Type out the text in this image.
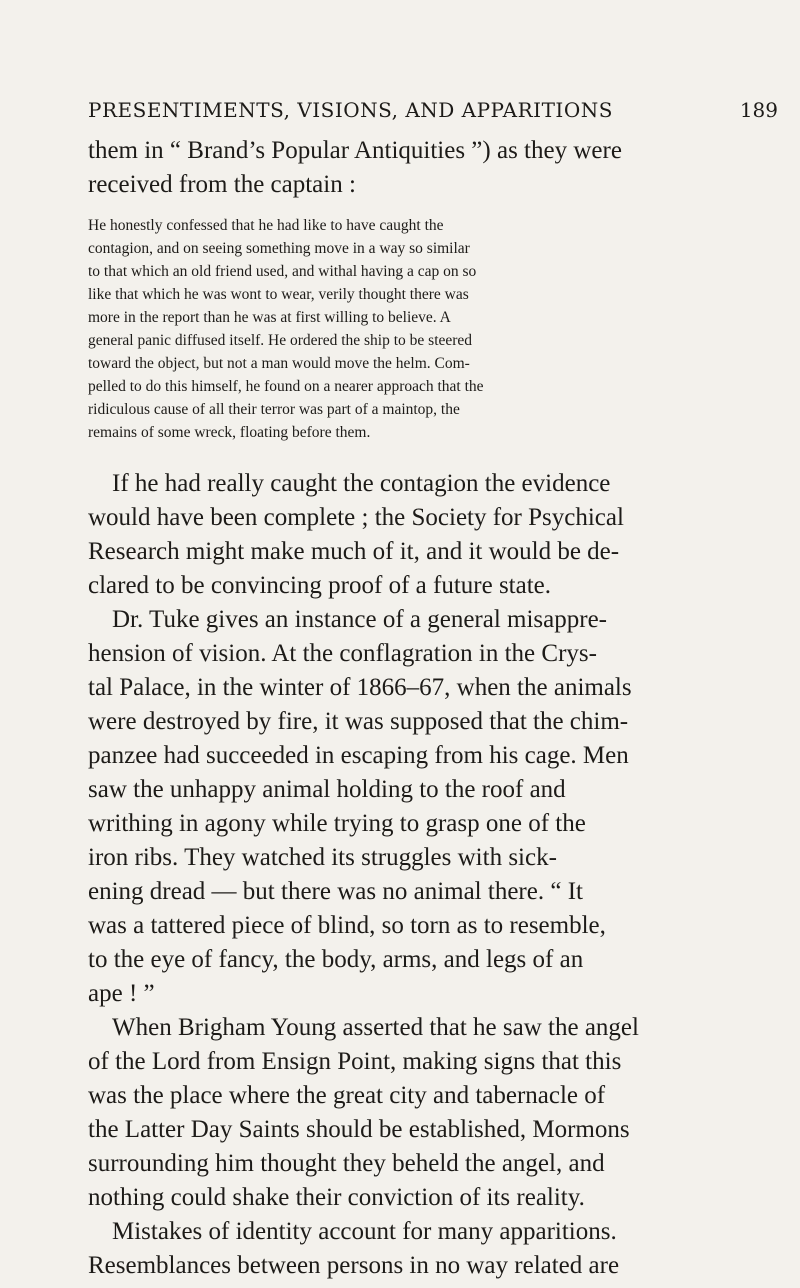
PRESENTIMENTS, VISIONS, AND APPARITIONS	189
them in “ Brand’s Popular Antiquities ”) as they were
received from the captain :
He honestly confessed that he had like to have caught the
contagion, and on seeing something move in a way so similar
to that which an old friend used, and withal having a cap on so
like that which he was wont to wear, verily thought there was
more in the report than he was at first willing to believe. A
general panic diffused itself. He ordered the ship to be steered
toward the object, but not a man would move the helm. Com-
pelled to do this himself, he found on a nearer approach that the
ridiculous cause of all their terror was part of a maintop, the
remains of some wreck, floating before them.
If he had really caught the contagion the evidence
would have been complete ; the Society for Psychical
Research might make much of it, and it would be de-
clared to be convincing proof of a future state.
Dr. Tuke gives an instance of a general misappre-
hension of vision. At the conflagration in the Crys-
tal Palace, in the winter of 1866–67, when the animals
were destroyed by fire, it was supposed that the chim-
panzee had succeeded in escaping from his cage. Men
saw the unhappy animal holding to the roof and
writhing in agony while trying to grasp one of the
iron ribs. They watched its struggles with sick-
ening dread — but there was no animal there. “ It
was a tattered piece of blind, so torn as to resemble,
to the eye of fancy, the body, arms, and legs of an
ape ! ”
When Brigham Young asserted that he saw the angel
of the Lord from Ensign Point, making signs that this
was the place where the great city and tabernacle of
the Latter Day Saints should be established, Mormons
surrounding him thought they beheld the angel, and
nothing could shake their conviction of its reality.
Mistakes of identity account for many apparitions.
Resemblances between persons in no way related are
